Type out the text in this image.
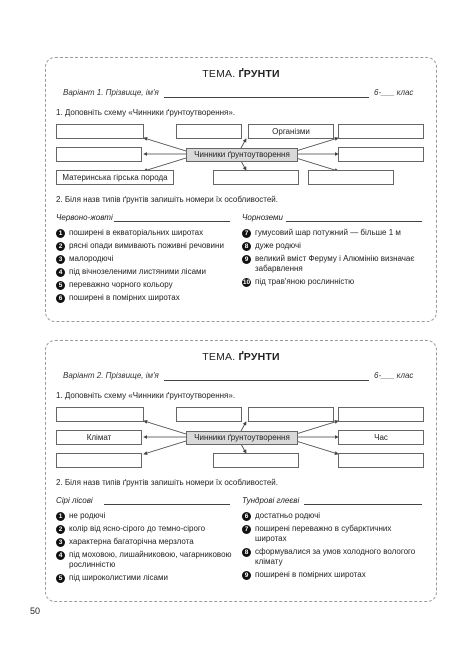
ТЕМА. ҐРУНТИ
Варіант 1. Прізвище, ім'я	6-___ клас
1. Доповніть схему «Чинники ґрунтоутворення».
Організми
Чинники ґрунтоутворення
Материнська гірська порода
2. Біля назв типів ґрунтів запишіть номери їх особливостей.
Червоно-жовті	Чорноземи
1 поширені в екваторіальних широтах
2 рясні опади вимивають поживні речовини
3 малородючі
4 під вічнозеленими листяними лісами
5 переважно чорного кольору
6 поширені в помірних широтах
7 гумусовий шар потужний — більше 1 м
8 дуже родючі
9 великий вміст Феруму і Алюмінію визначає забарвлення
10 під трав'яною рослинністю
ТЕМА. ҐРУНТИ
Варіант 2. Прізвище, ім'я	6-___ клас
1. Доповніть схему «Чинники ґрунтоутворення».
Клімат	Чинники ґрунтоутворення	Час
2. Біля назв типів ґрунтів запишіть номери їх особливостей.
Сірі лісові	Тундрові глеєві
1 не родючі
2 колір від ясно-сірого до темно-сірого
3 характерна багаторічна мерзлота
4 під моховою, лишайниковою, чагарниковою рослинністю
5 під широколистими лісами
6 достатньо родючі
7 поширені переважно в субарктичних широтах
8 сформувалися за умов холодного вологого клімату
9 поширені в помірних широтах
50
